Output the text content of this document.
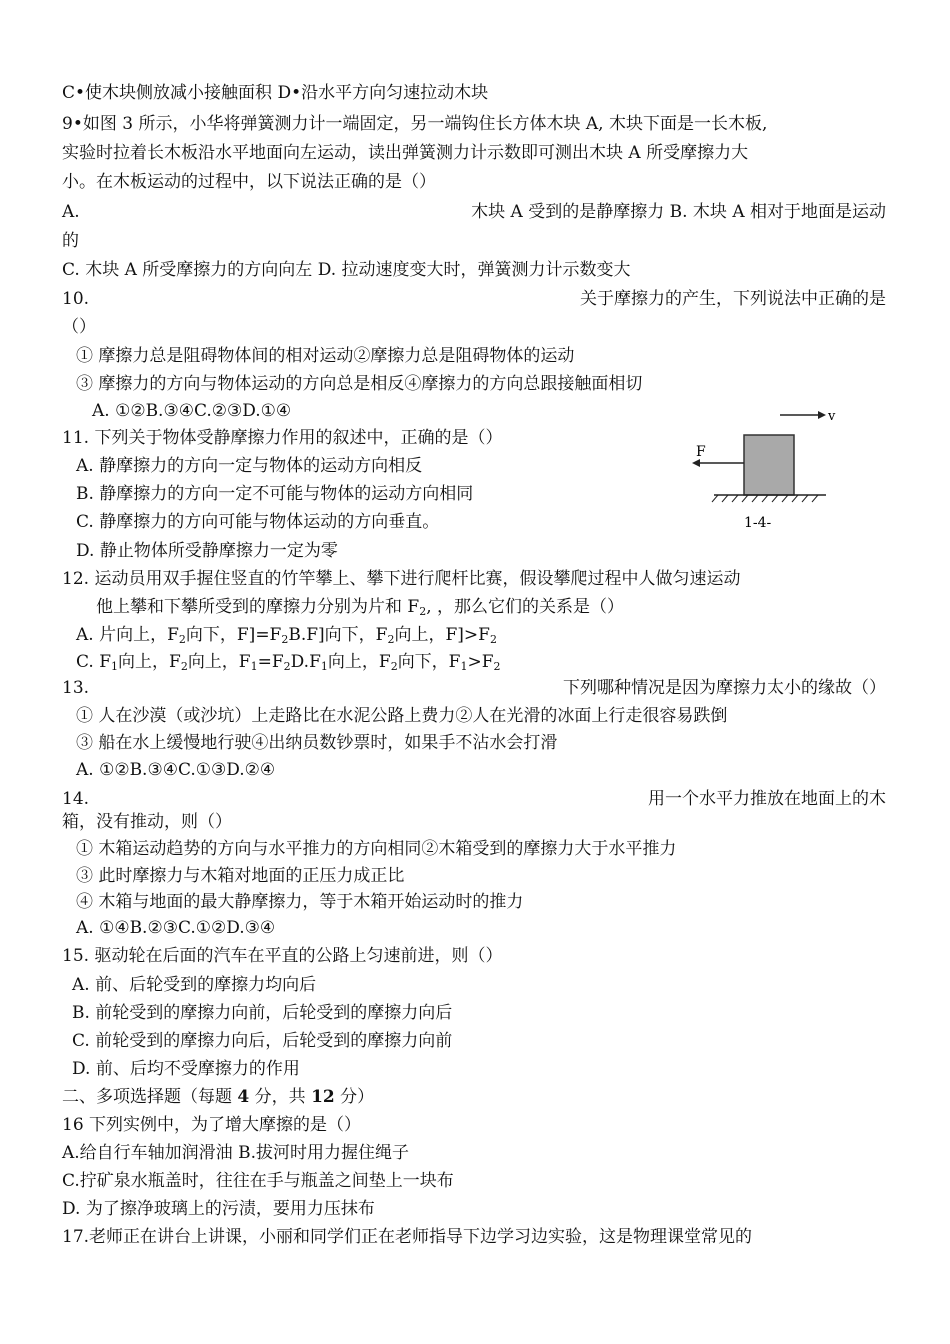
C•使木块侧放减小接触面积 D•沿水平方向匀速拉动木块
9•如图 3 所示，小华将弹簧测力计一端固定，另一端钩住长方体木块 A, 木块下面是一长木板,
实验时拉着长木板沿水平地面向左运动，读出弹簧测力计示数即可测出木块 A 所受摩擦力大
小。在木板运动的过程中，以下说法正确的是（）
A.	木块 A 受到的是静摩擦力 B. 木块 A 相对于地面是运动
的
C. 木块 A 所受摩擦力的方向向左 D. 拉动速度变大时，弹簧测力计示数变大
10.	关于摩擦力的产生，下列说法中正确的是
（）
① 摩擦力总是阻碍物体间的相对运动②摩擦力总是阻碍物体的运动
③ 摩擦力的方向与物体运动的方向总是相反④摩擦力的方向总跟接触面相切
A. ①②B.③④C.②③D.①④
11. 下列关于物体受静摩擦力作用的叙述中，正确的是（）
A. 静摩擦力的方向一定与物体的运动方向相反
B. 静摩擦力的方向一定不可能与物体的运动方向相同
C. 静摩擦力的方向可能与物体运动的方向垂直。
D. 静止物体所受静摩擦力一定为零
v
F
1-4-
12. 运动员用双手握住竖直的竹竿攀上、攀下进行爬杆比赛，假设攀爬过程中人做匀速运动
他上攀和下攀所受到的摩擦力分别为片和 $F_2$, ，那么它们的关系是（）
A. 片向上，$F_2$向下，$F]=F_2B.F$]向下，$F_2$向上，$F]>F_2$
C. $F_1$向上，$F_2$向上，$F_1=F_2D.F_1$向上，$F_2$向下，$F_1>F_2$
13.	下列哪种情况是因为摩擦力太小的缘故（）
① 人在沙漠（或沙坑）上走路比在水泥公路上费力②人在光滑的冰面上行走很容易跌倒
③ 船在水上缓慢地行驶④出纳员数钞票时，如果手不沾水会打滑
A. ①②B.③④C.①③D.②④
14.	用一个水平力推放在地面上的木
箱，没有推动，则（）
① 木箱运动趋势的方向与水平推力的方向相同②木箱受到的摩擦力大于水平推力
③ 此时摩擦力与木箱对地面的正压力成正比
④ 木箱与地面的最大静摩擦力，等于木箱开始运动时的推力
A. ①④B.②③C.①②D.③④
15. 驱动轮在后面的汽车在平直的公路上匀速前进，则（）
A. 前、后轮受到的摩擦力均向后
B. 前轮受到的摩擦力向前，后轮受到的摩擦力向后
C. 前轮受到的摩擦力向后，后轮受到的摩擦力向前
D. 前、后均不受摩擦力的作用
二、多项选择题（每题 4 分，共 12 分）
16 下列实例中，为了增大摩擦的是（）
A.给自行车轴加润滑油 B.拔河时用力握住绳子
C.拧矿泉水瓶盖时，往往在手与瓶盖之间垫上一块布
D. 为了擦净玻璃上的污渍，要用力压抹布
17.老师正在讲台上讲课，小丽和同学们正在老师指导下边学习边实验，这是物理课堂常见的
